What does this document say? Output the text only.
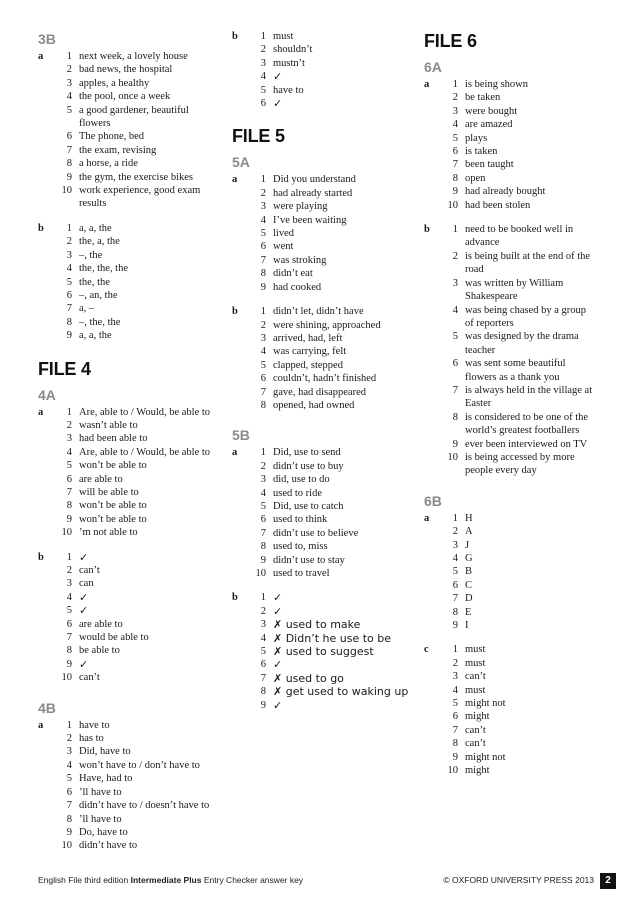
3B
a	1 next week, a lovely house
2 bad news, the hospital
3 apples, a healthy
4 the pool, once a week
5 a good gardener, beautiful
flowers
6 The phone, bed
7 the exam, revising
8 a horse, a ride
9 the gym, the exercise bikes
10 work experience, good exam
results
b	1 a, a, the
2 the, a, the
3 –, the
4 the, the, the
5 the, the
6 –, an, the
7 a, –
8 –, the, the
9 a, a, the
FILE 4
4A
a	1 Are, able to / Would, be able to
2 wasn’t able to
3 had been able to
4 Are, able to / Would, be able to
5 won’t be able to
6 are able to
7 will be able to
8 won’t be able to
9 won’t be able to
10 ’m not able to
b	1 ✓
2 can’t
3 can
4 ✓
5 ✓
6 are able to
7 would be able to
8 be able to
9 ✓
10 can’t
4B
a	1 have to
2 has to
3 Did, have to
4 won’t have to / don’t have to
5 Have, had to
6 ’ll have to
7 didn’t have to / doesn’t have to
8 ’ll have to
9 Do, have to
10 didn’t have to
b	1 must
2 shouldn’t
3 mustn’t
4 ✓
5 have to
6 ✓
FILE 5
5A
a	1 Did you understand
2 had already started
3 were playing
4 I’ve been waiting
5 lived
6 went
7 was stroking
8 didn’t eat
9 had cooked
b	1 didn’t let, didn’t have
2 were shining, approached
3 arrived, had, left
4 was carrying, felt
5 clapped, stepped
6 couldn’t, hadn’t finished
7 gave, had disappeared
8 opened, had owned
5B
a	1 Did, use to send
2 didn’t use to buy
3 did, use to do
4 used to ride
5 Did, use to catch
6 used to think
7 didn’t use to believe
8 used to, miss
9 didn’t use to stay
10 used to travel
b	1 ✓
2 ✓
3 ✗ used to make
4 ✗ Didn’t he use to be
5 ✗ used to suggest
6 ✓
7 ✗ used to go
8 ✗ get used to waking up
9 ✓
FILE 6
6A
a	1 is being shown
2 be taken
3 were bought
4 are amazed
5 plays
6 is taken
7 been taught
8 open
9 had already bought
10 had been stolen
b	1 need to be booked well in
advance
2 is being built at the end of the
road
3 was written by William
Shakespeare
4 was being chased by a group
of reporters
5 was designed by the drama
teacher
6 was sent some beautiful
flowers as a thank you
7 is always held in the village at
Easter
8 is considered to be one of the
world’s greatest footballers
9 ever been interviewed on TV
10 is being accessed by more
people every day
6B
a	1 H
2 A
3 J
4 G
5 B
6 C
7 D
8 E
9 I
c	1 must
2 must
3 can’t
4 must
5 might not
6 might
7 can’t
8 can’t
9 might not
10 might
English File third edition Intermediate Plus Entry Checker answer key	© OXFORD UNIVERSITY PRESS 2013	2
